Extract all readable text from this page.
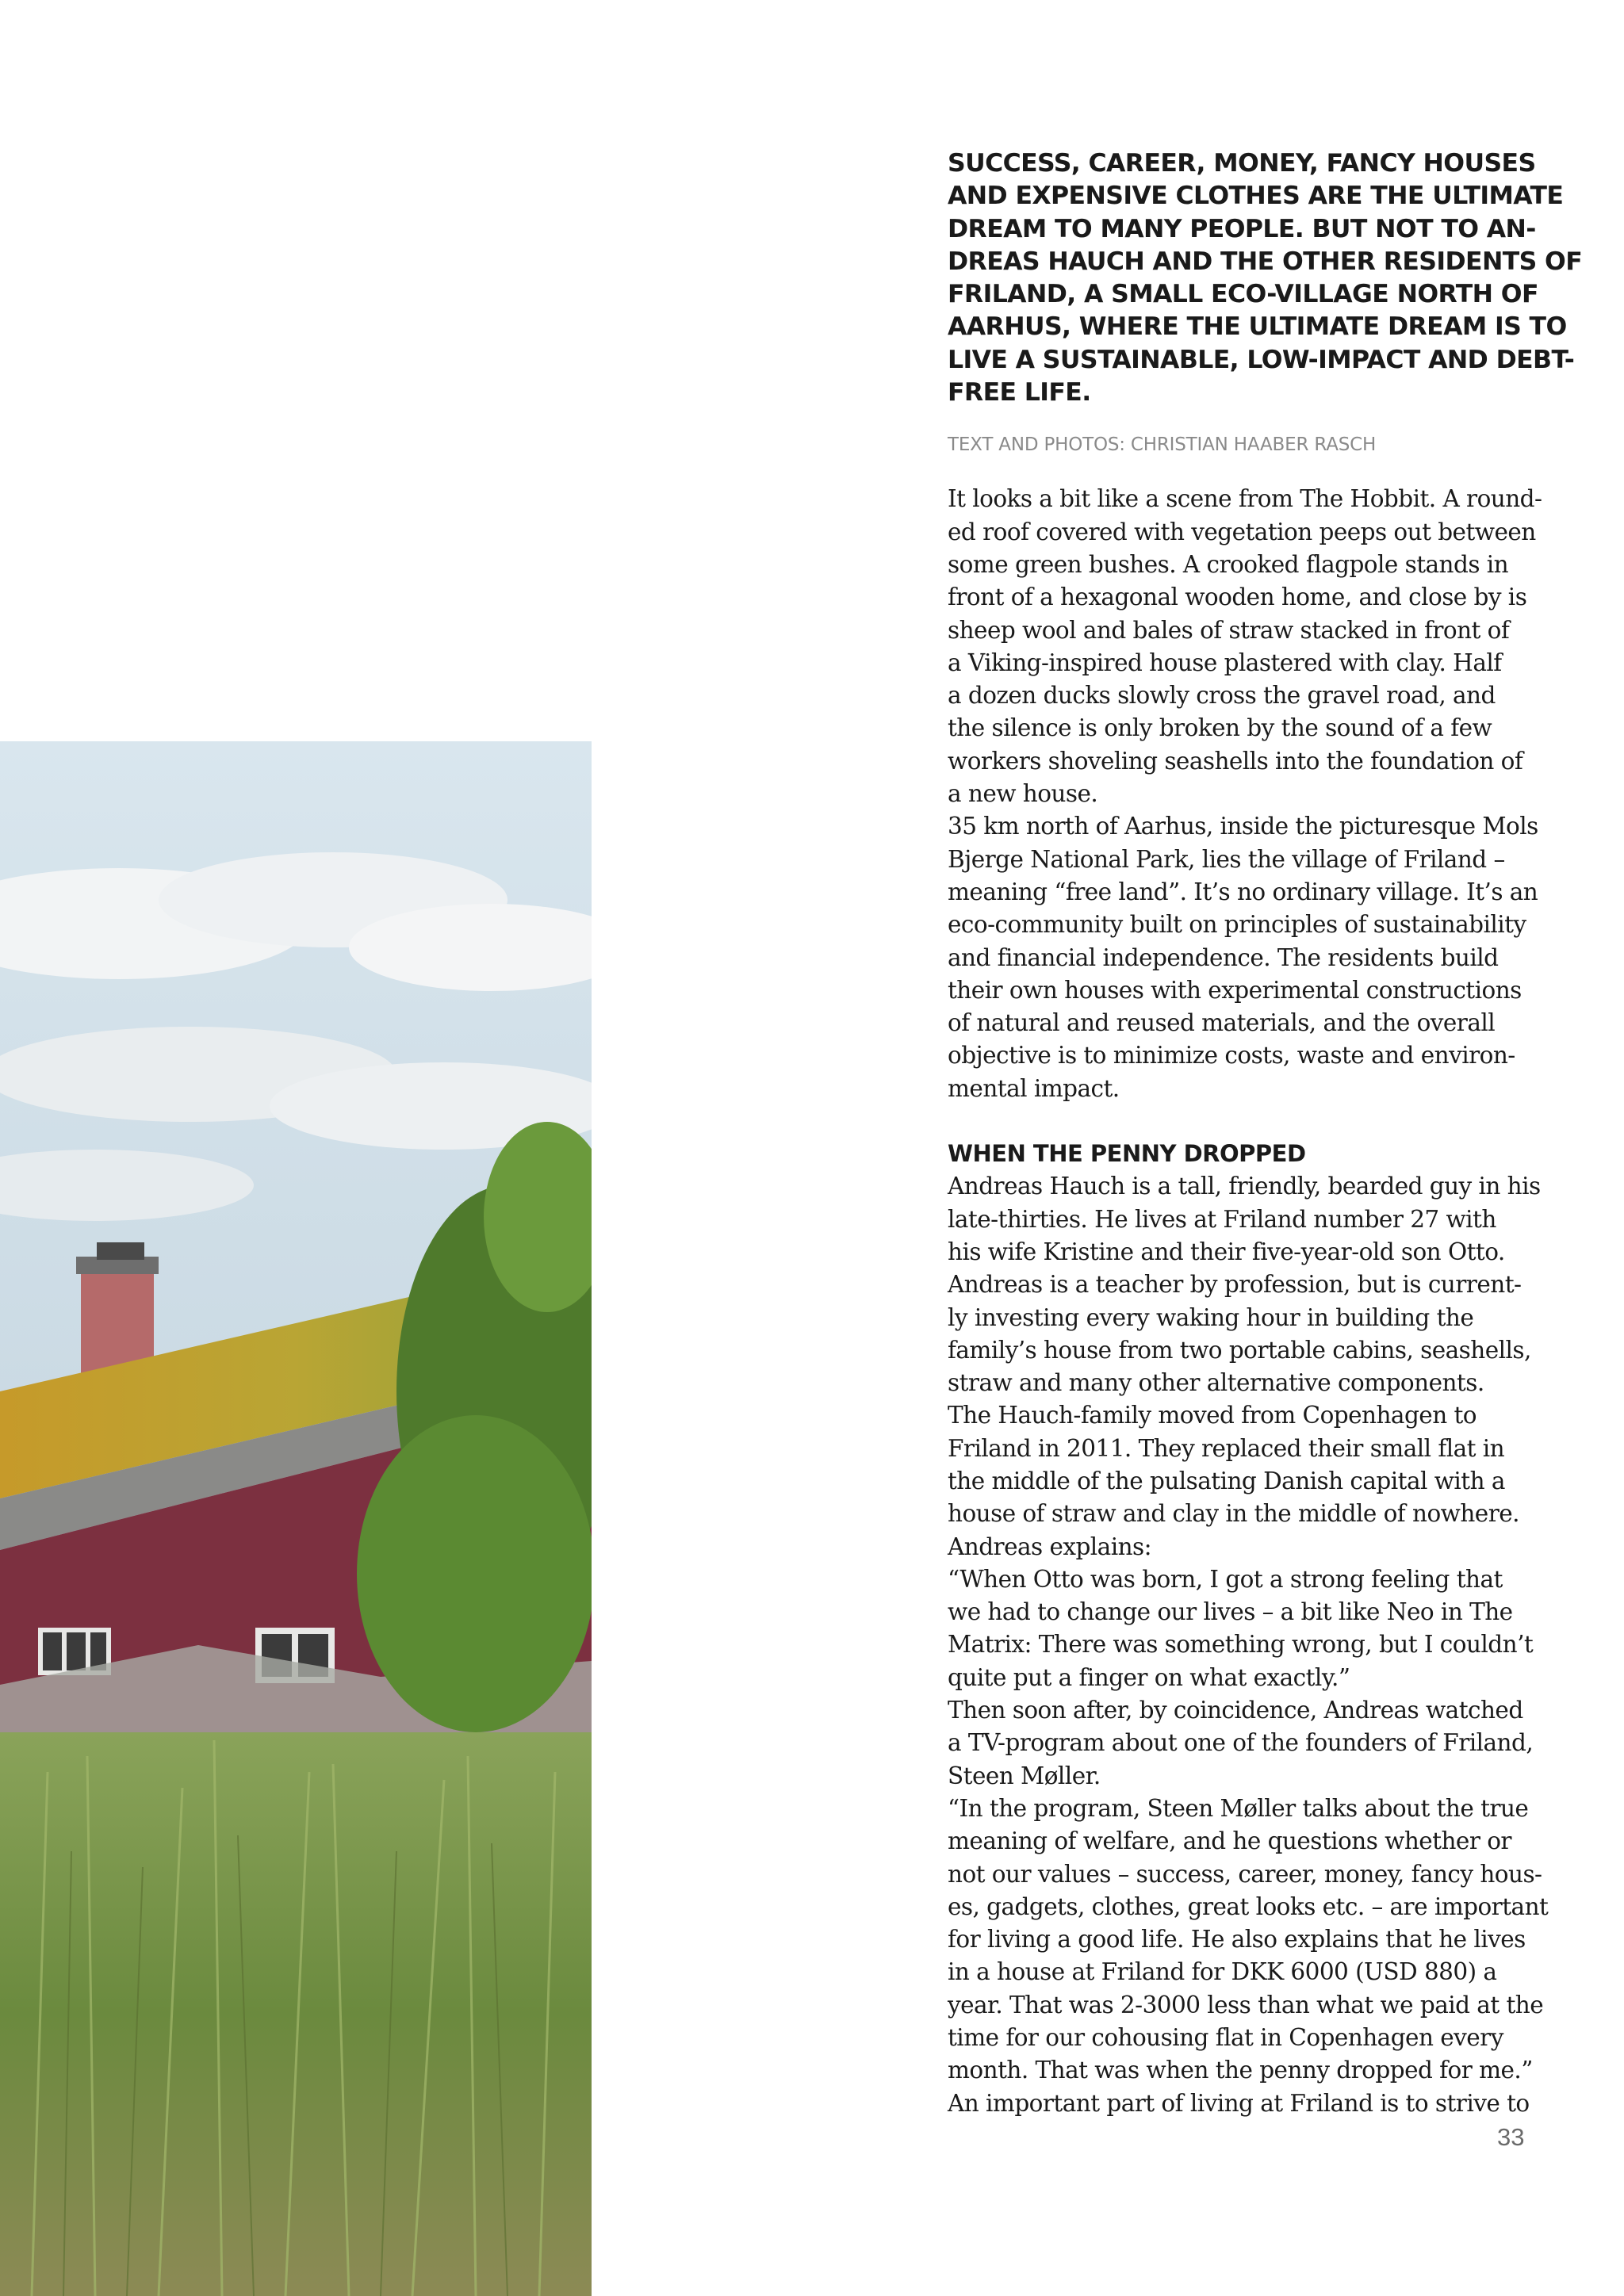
SUCCESS, CAREER, MONEY, FANCY HOUSES
AND EXPENSIVE CLOTHES ARE THE ULTIMATE
DREAM TO MANY PEOPLE. BUT NOT TO AN-
DREAS HAUCH AND THE OTHER RESIDENTS OF
FRILAND, A SMALL ECO-VILLAGE NORTH OF
AARHUS, WHERE THE ULTIMATE DREAM IS TO
LIVE A SUSTAINABLE, LOW-IMPACT AND DEBT-
FREE LIFE.
TEXT AND PHOTOS: CHRISTIAN HAABER RASCH
It looks a bit like a scene from The Hobbit. A round-
ed roof covered with vegetation peeps out between
some green bushes. A crooked flagpole stands in
front of a hexagonal wooden home, and close by is
sheep wool and bales of straw stacked in front of
a Viking-inspired house plastered with clay. Half
a dozen ducks slowly cross the gravel road, and
the silence is only broken by the sound of a few
workers shoveling seashells into the foundation of
a new house.
35 km north of Aarhus, inside the picturesque Mols
Bjerge National Park, lies the village of Friland –
meaning “free land”. It’s no ordinary village. It’s an
eco-community built on principles of sustainability
and financial independence. The residents build
their own houses with experimental constructions
of natural and reused materials, and the overall
objective is to minimize costs, waste and environ-
mental impact.
WHEN THE PENNY DROPPED
Andreas Hauch is a tall, friendly, bearded guy in his
late-thirties. He lives at Friland number 27 with
his wife Kristine and their five-year-old son Otto.
Andreas is a teacher by profession, but is current-
ly investing every waking hour in building the
family’s house from two portable cabins, seashells,
straw and many other alternative components.
The Hauch-family moved from Copenhagen to
Friland in 2011. They replaced their small flat in
the middle of the pulsating Danish capital with a
house of straw and clay in the middle of nowhere.
Andreas explains:
“When Otto was born, I got a strong feeling that
we had to change our lives – a bit like Neo in The
Matrix: There was something wrong, but I couldn’t
quite put a finger on what exactly.”
Then soon after, by coincidence, Andreas watched
a TV-program about one of the founders of Friland,
Steen Møller.
“In the program, Steen Møller talks about the true
meaning of welfare, and he questions whether or
not our values – success, career, money, fancy hous-
es, gadgets, clothes, great looks etc. – are important
for living a good life. He also explains that he lives
in a house at Friland for DKK 6000 (USD 880) a
year. That was 2-3000 less than what we paid at the
time for our cohousing flat in Copenhagen every
month. That was when the penny dropped for me.”
An important part of living at Friland is to strive to
33
